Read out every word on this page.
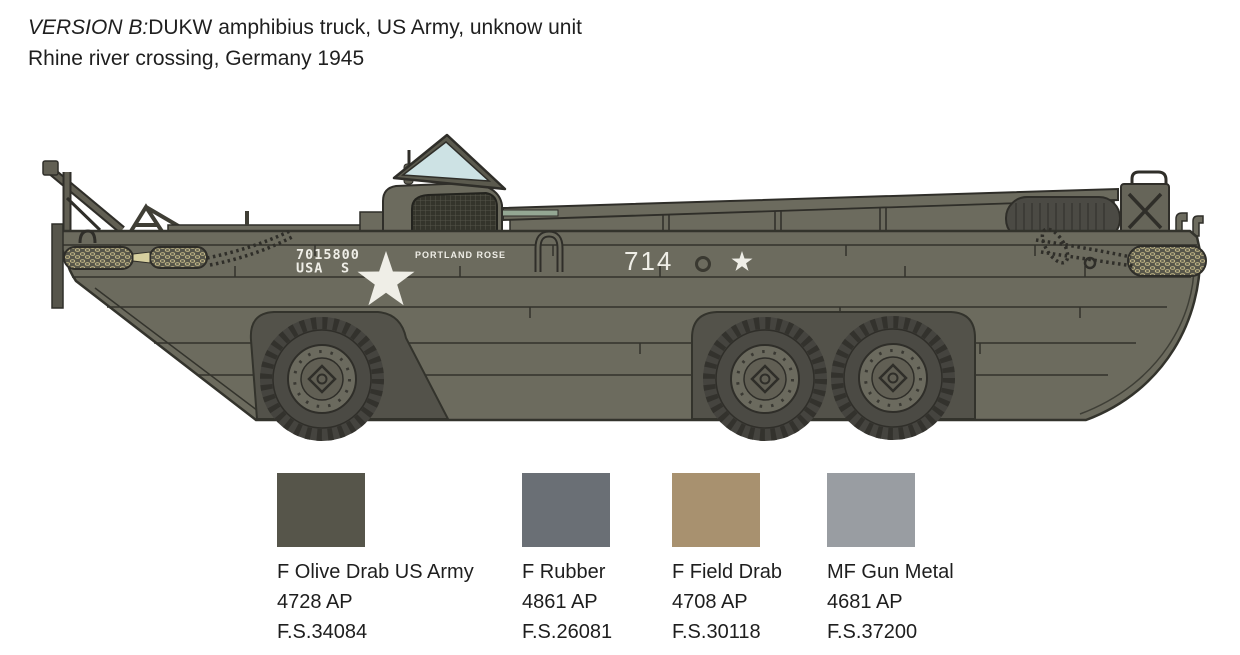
VERSION B:DUKW amphibius truck, US Army, unknow unit
Rhine river crossing, Germany 1945
7015800
USA S
PORTLAND ROSE	714
F Olive Drab US Army
4728 AP
F.S.34084
F Rubber
4861 AP
F.S.26081
F Field Drab
4708 AP
F.S.30118
MF Gun Metal
4681 AP
F.S.37200
